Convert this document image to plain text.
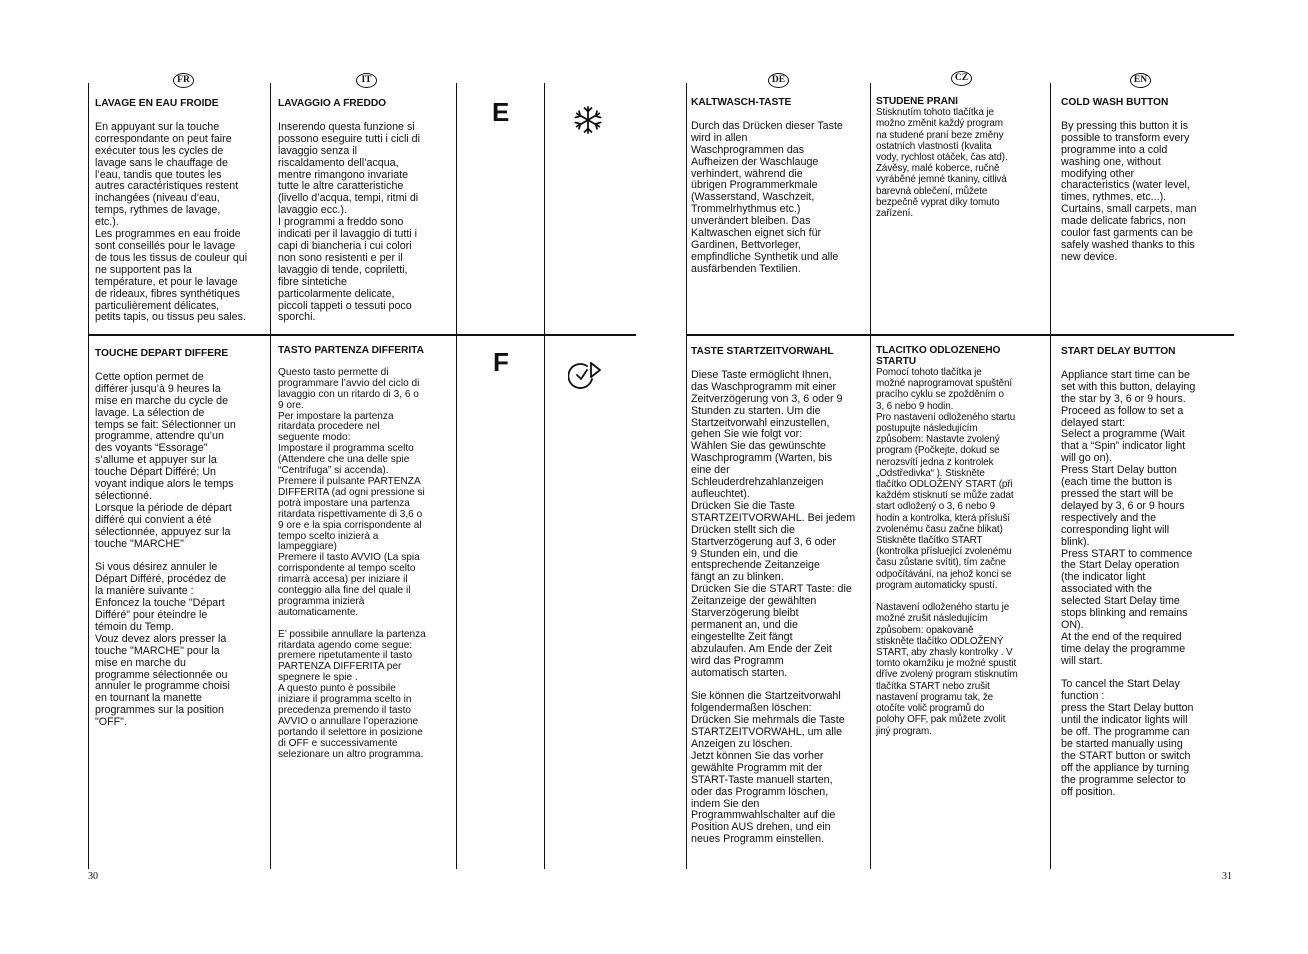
FR	IT	DE	CZ	EN
E
F

LAVAGE EN EAU FROIDE

En appuyant sur la touche
correspondante on peut faire
exécuter tous les cycles de
lavage sans le chauffage de
l’eau, tandis que toutes les
autres caractéristiques restent
inchangées (niveau d’eau,
temps, rythmes de lavage,
etc.).
Les programmes en eau froide
sont conseillés pour le lavage
de tous les tissus de couleur qui
ne supportent pas la
température, et pour le lavage
de rideaux, fibres synthétiques
particulièrement délicates,
petits tapis, ou tissus peu sales.

TOUCHE DEPART DIFFERE

Cette option permet de
différer jusqu’à 9 heures la
mise en marche du cycle de
lavage. La sélection de
temps se fait: Sélectionner un
programme, attendre qu’un
des voyants “Essorage”
s’allume et appuyer sur la
touche Départ Différé; Un
voyant indique alors le temps
sélectionné.
Lorsque la période de départ
différé qui convient a été
sélectionnée, appuyez sur la
touche "MARCHE"

Si vous désirez annuler le
Départ Différé, procédez de
la manière suivante :
Enfoncez la touche "Départ
Différé" pour éteindre le
témoin du Temp.
Vouz devez alors presser la
touche "MARCHE" pour la
mise en marche du
programme sélectionnée ou
annuler le programme choisi
en tournant la manette
programmes sur la position
"OFF".

LAVAGGIO A FREDDO

Inserendo questa funzione si
possono eseguire tutti i cicli di
lavaggio senza il
riscaldamento dell’acqua,
mentre rimangono invariate
tutte le altre caratteristiche
(livello d’acqua, tempi, ritmi di
lavaggio ecc.).
I programmi a freddo sono
indicati per il lavaggio di tutti i
capi di biancheria i cui colori
non sono resistenti e per il
lavaggio di tende, copriletti,
fibre sintetiche
particolarmente delicate,
piccoli tappeti o tessuti poco
sporchi.

TASTO PARTENZA DIFFERITA

Questo tasto permette di
programmare l’avvio del ciclo di
lavaggio con un ritardo di 3, 6 o
9 ore.
Per impostare la partenza
ritardata procedere nel
seguente modo:
Impostare il programma scelto
(Attendere che una delle spie
“Centrifuga” si accenda).
Premere il pulsante PARTENZA
DIFFERITA (ad ogni pressione si
potrà impostare una partenza
ritardata rispettivamente di 3,6 o
9 ore e la spia corrispondente al
tempo scelto inizierà a
lampeggiare)
Premere il tasto AVVIO (La spia
corrispondente al tempo scelto
rimarrà accesa) per iniziare il
conteggio alla fine del quale il
programma inizierà
automaticamente.

E’ possibile annullare la partenza
ritardata agendo come segue:
premere ripetutamente il tasto
PARTENZA DIFFERITA per
spegnere le spie .
A questo punto è possibile
iniziare il programma scelto in
precedenza premendo il tasto
AVVIO o annullare l’operazione
portando il selettore in posizione
di OFF e successivamente
selezionare un altro programma.

KALTWASCH-TASTE

Durch das Drücken dieser Taste
wird in allen
Waschprogrammen das
Aufheizen der Waschlauge
verhindert, während die
übrigen Programmerkmale
(Wasserstand, Waschzeit,
Trommelrhythmus etc.)
unverändert bleiben. Das
Kaltwaschen eignet sich für
Gardinen, Bettvorleger,
empfindliche Synthetik und alle
ausfärbenden Textilien.

TASTE STARTZEITVORWAHL

Diese Taste ermöglicht Ihnen,
das Waschprogramm mit einer
Zeitverzögerung von 3, 6 oder 9
Stunden zu starten. Um die
Startzeitvorwahl einzustellen,
gehen Sie wie folgt vor:
Wählen Sie das gewünschte
Waschprogramm (Warten, bis
eine der
Schleuderdrehzahlanzeigen
aufleuchtet).
Drücken Sie die Taste
STARTZEITVORWAHL. Bei jedem
Drücken stellt sich die
Startverzögerung auf 3, 6 oder
9 Stunden ein, und die
entsprechende Zeitanzeige
fängt an zu blinken.
Drücken Sie die START Taste: die
Zeitanzeige der gewählten
Starverzögerung bleibt
permanent an, und die
eingestellte Zeit fängt
abzulaufen. Am Ende der Zeit
wird das Programm
automatisch starten.

Sie können die Startzeitvorwahl
folgendermaßen löschen:
Drücken Sie mehrmals die Taste
STARTZEITVORWAHL, um alle
Anzeigen zu löschen.
Jetzt können Sie das vorher
gewählte Programm mit der
START-Taste manuell starten,
oder das Programm löschen,
indem Sie den
Programmwahlschalter auf die
Position AUS drehen, und ein
neues Programm einstellen.

STUDENÉ PRANÍ

Stisknutím tohoto tlačítka je
možno změnit každý program
na studené praní beze změny
ostatních vlastností (kvalita
vody, rychlost otáček, čas atd).
Závěsy, malé koberce, ručně
vyráběné jemné tkaniny, citlivá
barevná oblečení, můžete
bezpečně vyprat díky tomuto
zařízení.

TLAČÍTKO ODLOŽENÉHO
STARTU

Pomocí tohoto tlačítka je
možné naprogramovat spuštění
pracího cyklu se zpožděním o
3, 6 nebo 9 hodin.
Pro nastavení odloženého startu
postupujte následujícím
způsobem: Nastavte zvolený
program (Počkejte, dokud se
nerozsvítí jedna z kontrolek
„Odstředivka“ ). Stiskněte
tlačítko ODLOŽENÝ START (při
každém stisknutí se může zadat
start odložený o 3, 6 nebo 9
hodin a kontrolka, která přísluší
zvolenému času začne blikat)
Stiskněte tlačítko START
(kontrolka přísluející zvolenému
času zůstane svítit), tím začne
odpočítávání, na jehož konci se
program automaticky spustí.

Nastavení odloženého startu je
možné zrušit následujícím
způsobem: opakovaně
stiskněte tlačítko ODLOŽENÝ
START, aby zhasly kontrolky . V
tomto okamžiku je možné spustit
dříve zvolený program stisknutím
tlačítka START nebo zrušit
nastavení programu tak, že
otočíte volič programů do
polohy OFF, pak můžete zvolit
jiný program.

COLD WASH BUTTON

By pressing this button it is
possible to transform every
programme into a cold
washing one, without
modifying other
characteristics (water level,
times, rythmes, etc...).
Curtains, small carpets, man
made delicate fabrics, non
coulor fast garments can be
safely washed thanks to this
new device.

START DELAY BUTTON

Appliance start time can be
set with this button, delaying
the star by 3, 6 or 9 hours.
Proceed as follow to set a
delayed start:
Select a programme (Wait
that a “Spin” indicator light
will go on).
Press Start Delay button
(each time the button is
pressed the start will be
delayed by 3, 6 or 9 hours
respectively and the
corresponding light will
blink).
Press START to commence
the Start Delay operation
(the indicator light
associated with the
selected Start Delay time
stops blinking and remains
ON).
At the end of the required
time delay the programme
will start.

To cancel the Start Delay
function :
press the Start Delay button
until the indicator lights will
be off. The programme can
be started manually using
the START button or switch
off the appliance by turning
the programme selector to
off position.

30	31
